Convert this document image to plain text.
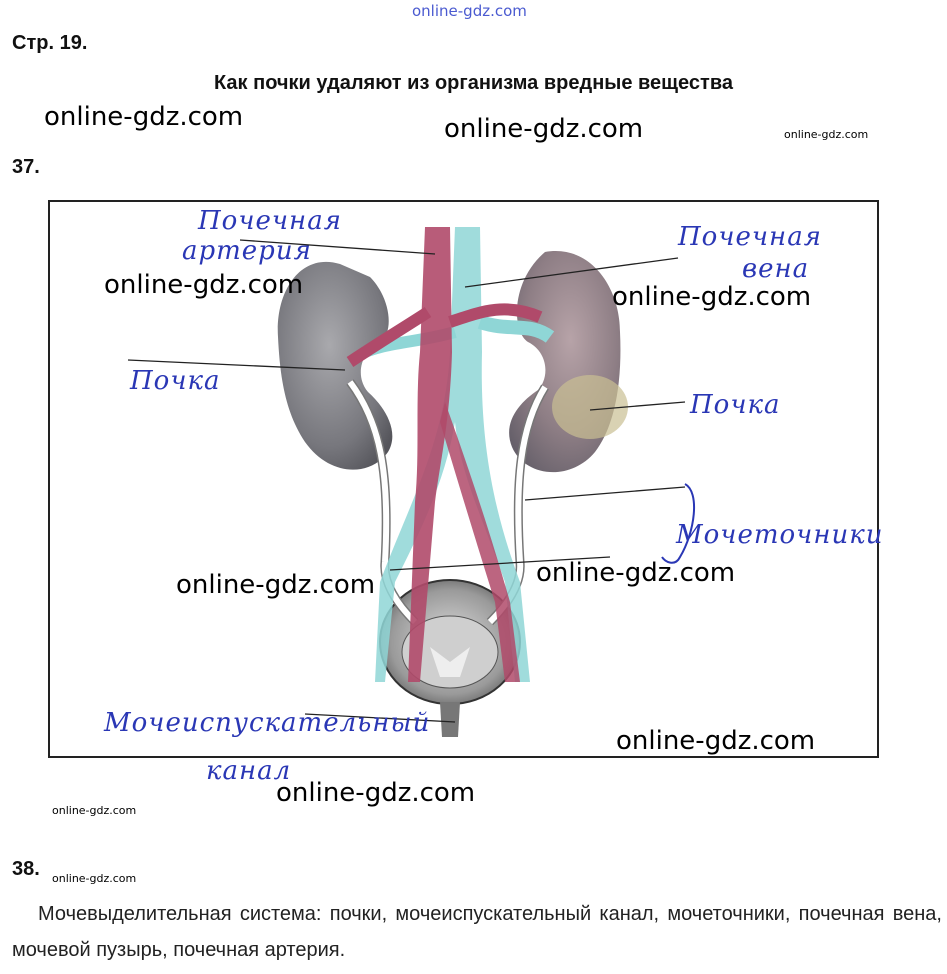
online-gdz.com
Стр. 19.
Как почки удаляют из организма вредные вещества
online-gdz.com	online-gdz.com	online-gdz.com
37.
Почечная
артерия	Почечная
вена
Почка
Почка
Мочеточники
Мочеиспускательный
канал
online-gdz.com	online-gdz.com
online-gdz.com	online-gdz.com
online-gdz.com
online-gdz.com
online-gdz.com
38. online-gdz.com
Мочевыделительная система: почки, мочеиспускательный канал, мочеточники, почечная вена, мочевой пузырь, почечная артерия.
